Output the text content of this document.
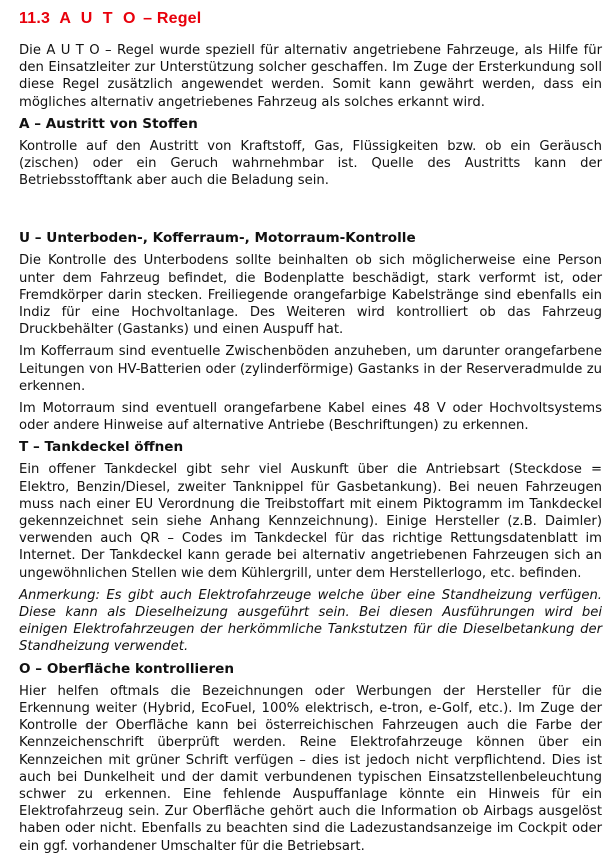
11.3 A U T O – Regel

Die A U T O – Regel wurde speziell für alternativ angetriebene Fahrzeuge, als Hilfe für den Einsatzleiter zur Unterstützung solcher geschaffen. Im Zuge der Ersterkundung soll diese Regel zusätzlich angewendet werden. Somit kann gewährt werden, dass ein mögliches alternativ angetriebenes Fahrzeug als solches erkannt wird.

A – Austritt von Stoffen

Kontrolle auf den Austritt von Kraftstoff, Gas, Flüssigkeiten bzw. ob ein Geräusch (zischen) oder ein Geruch wahrnehmbar ist. Quelle des Austritts kann der Betriebsstofftank aber auch die Beladung sein.

U – Unterboden-, Kofferraum-, Motorraum-Kontrolle

Die Kontrolle des Unterbodens sollte beinhalten ob sich möglicherweise eine Person unter dem Fahrzeug befindet, die Bodenplatte beschädigt, stark verformt ist, oder Fremdkörper darin stecken. Freiliegende orangefarbige Kabelstränge sind ebenfalls ein Indiz für eine Hochvoltanlage. Des Weiteren wird kontrolliert ob das Fahrzeug Druckbehälter (Gastanks) und einen Auspuff hat.

Im Kofferraum sind eventuelle Zwischenböden anzuheben, um darunter orangefarbene Leitungen von HV-Batterien oder (zylinderförmige) Gastanks in der Reserveradmulde zu erkennen.

Im Motorraum sind eventuell orangefarbene Kabel eines 48 V oder Hochvoltsystems oder andere Hinweise auf alternative Antriebe (Beschriftungen) zu erkennen.

T – Tankdeckel öffnen

Ein offener Tankdeckel gibt sehr viel Auskunft über die Antriebsart (Steckdose = Elektro, Benzin/Diesel, zweiter Tanknippel für Gasbetankung). Bei neuen Fahrzeugen muss nach einer EU Verordnung die Treibstoffart mit einem Piktogramm im Tankdeckel gekennzeichnet sein siehe Anhang Kennzeichnung). Einige Hersteller (z.B. Daimler) verwenden auch QR – Codes im Tankdeckel für das richtige Rettungsdatenblatt im Internet. Der Tankdeckel kann gerade bei alternativ angetriebenen Fahrzeugen sich an ungewöhnlichen Stellen wie dem Kühlergrill, unter dem Herstellerlogo, etc. befinden.

Anmerkung: Es gibt auch Elektrofahrzeuge welche über eine Standheizung verfügen. Diese kann als Dieselheizung ausgeführt sein. Bei diesen Ausführungen wird bei einigen Elektrofahrzeugen der herkömmliche Tankstutzen für die Dieselbetankung der Standheizung verwendet.

O – Oberfläche kontrollieren

Hier helfen oftmals die Bezeichnungen oder Werbungen der Hersteller für die Erkennung weiter (Hybrid, EcoFuel, 100% elektrisch, e-tron, e-Golf, etc.). Im Zuge der Kontrolle der Oberfläche kann bei österreichischen Fahrzeugen auch die Farbe der Kennzeichenschrift überprüft werden. Reine Elektrofahrzeuge können über ein Kennzeichen mit grüner Schrift verfügen – dies ist jedoch nicht verpflichtend. Dies ist auch bei Dunkelheit und der damit verbundenen typischen Einsatzstellenbeleuchtung schwer zu erkennen. Eine fehlende Auspuffanlage könnte ein Hinweis für ein Elektrofahrzeug sein. Zur Oberfläche gehört auch die Information ob Airbags ausgelöst haben oder nicht. Ebenfalls zu beachten sind die Ladezustandsanzeige im Cockpit oder ein ggf. vorhandener Umschalter für die Betriebsart.
